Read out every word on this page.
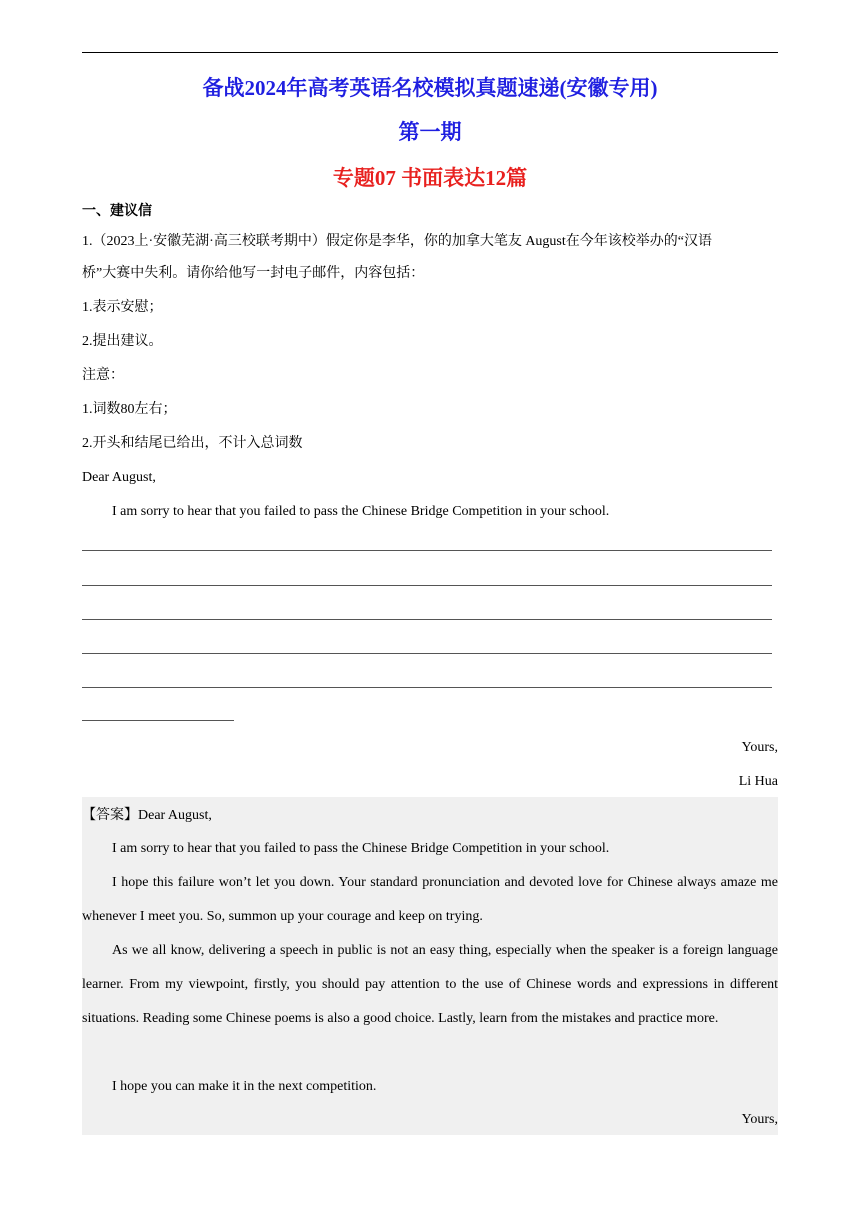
备战2024年高考英语名校模拟真题速递(安徽专用)
第一期
专题07 书面表达12篇
一、建议信
1.（2023上·安徽芜湖·高三校联考期中）假定你是李华，你的加拿大笔友 August在今年该校举办的“汉语
桥”大赛中失利。请你给他写一封电子邮件，内容包括：
1.表示安慰；
2.提出建议。
注意：
1.词数80左右；
2.开头和结尾已给出，不计入总词数
Dear August,
I am sorry to hear that you failed to pass the Chinese Bridge Competition in your school.
Yours,
Li Hua
【答案】Dear August,
I am sorry to hear that you failed to pass the Chinese Bridge Competition in your school.
I hope this failure won’t let you down. Your standard pronunciation and devoted love for Chinese always amaze me whenever I meet you. So, summon up your courage and keep on trying.
As we all know, delivering a speech in public is not an easy thing, especially when the speaker is a foreign language learner. From my viewpoint, firstly, you should pay attention to the use of Chinese words and expressions in different situations. Reading some Chinese poems is also a good choice. Lastly, learn from the mistakes and practice more.
I hope you can make it in the next competition.
Yours,
